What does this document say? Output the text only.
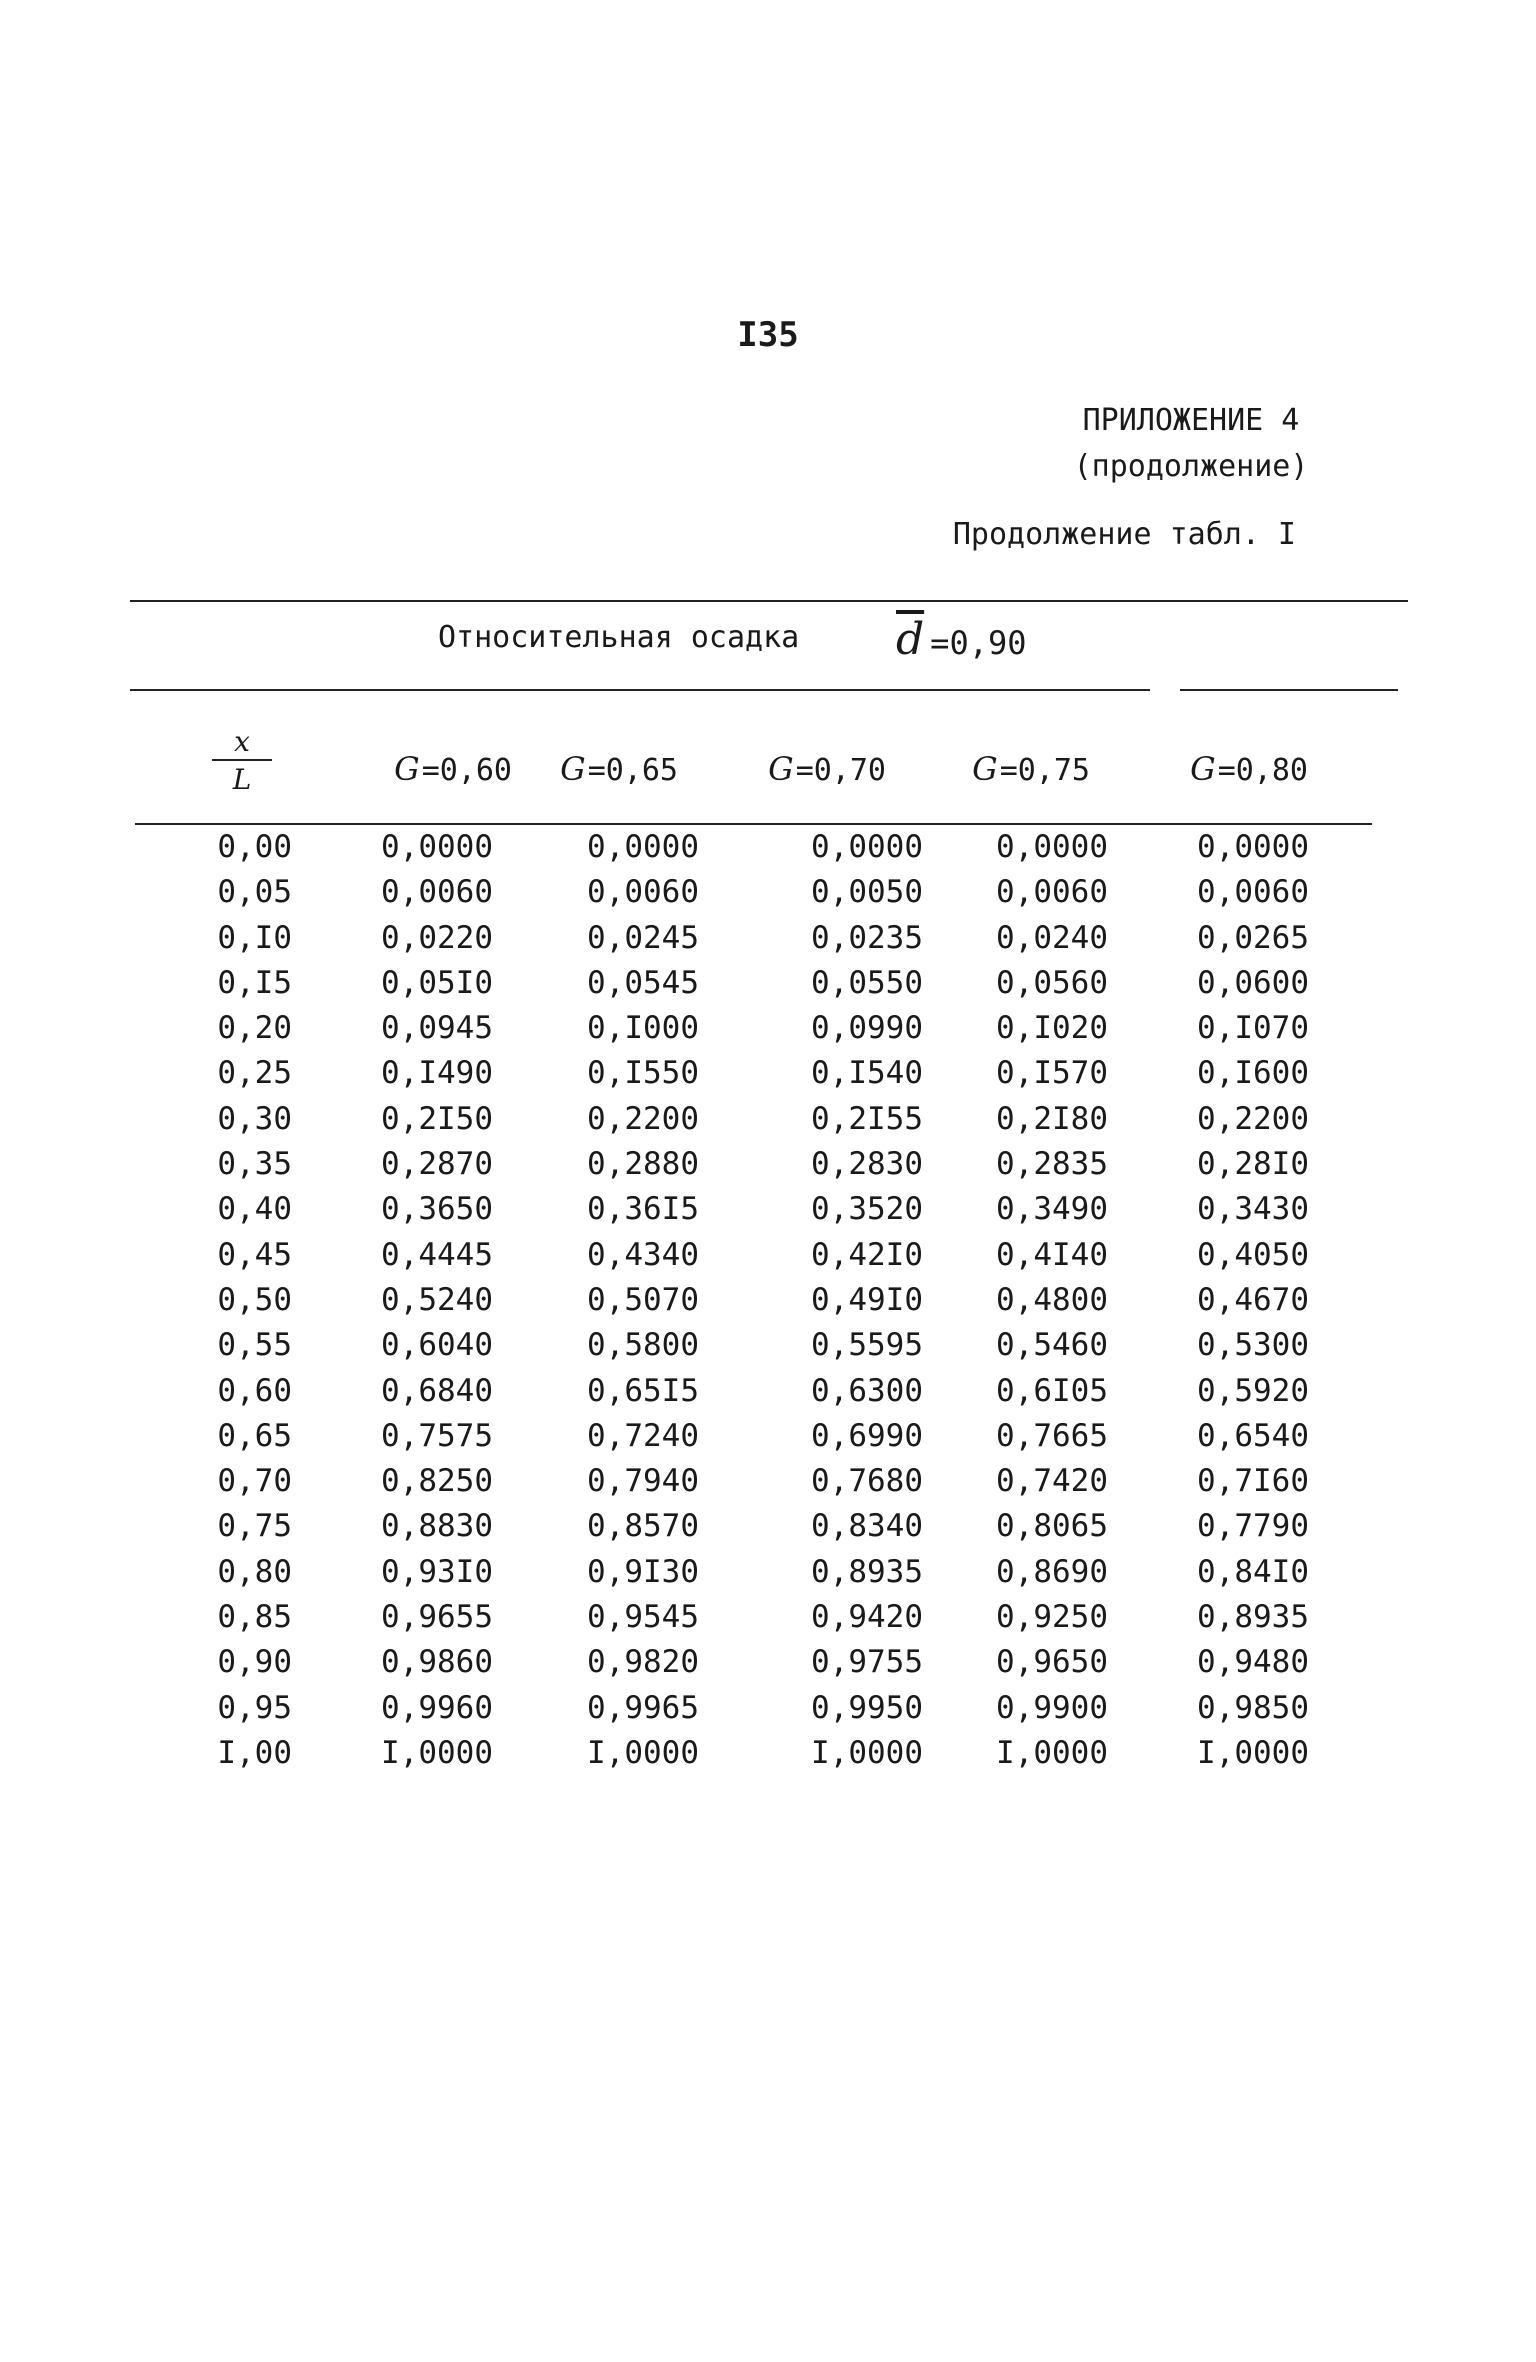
I35
ПРИЛОЖЕНИЕ 4
(продолжение)
Продолжение табл. I
Относительная осадка $\overline{d} =0,90$
x
L	G=0,60	G=0,65	G=0,70	G=0,75	G=0,80
0,00	0,0000	0,0000	0,0000	0,0000	0,0000
0,05	0,0060	0,0060	0,0050	0,0060	0,0060
0,I0	0,0220	0,0245	0,0235	0,0240	0,0265
0,I5	0,05I0	0,0545	0,0550	0,0560	0,0600
0,20	0,0945	0,I000	0,0990	0,I020	0,I070
0,25	0,I490	0,I550	0,I540	0,I570	0,I600
0,30	0,2I50	0,2200	0,2I55	0,2I80	0,2200
0,35	0,2870	0,2880	0,2830	0,2835	0,28I0
0,40	0,3650	0,36I5	0,3520	0,3490	0,3430
0,45	0,4445	0,4340	0,42I0	0,4I40	0,4050
0,50	0,5240	0,5070	0,49I0	0,4800	0,4670
0,55	0,6040	0,5800	0,5595	0,5460	0,5300
0,60	0,6840	0,65I5	0,6300	0,6I05	0,5920
0,65	0,7575	0,7240	0,6990	0,7665	0,6540
0,70	0,8250	0,7940	0,7680	0,7420	0,7I60
0,75	0,8830	0,8570	0,8340	0,8065	0,7790
0,80	0,93I0	0,9I30	0,8935	0,8690	0,84I0
0,85	0,9655	0,9545	0,9420	0,9250	0,8935
0,90	0,9860	0,9820	0,9755	0,9650	0,9480
0,95	0,9960	0,9965	0,9950	0,9900	0,9850
I,00	I,0000	I,0000	I,0000	I,0000	I,0000
